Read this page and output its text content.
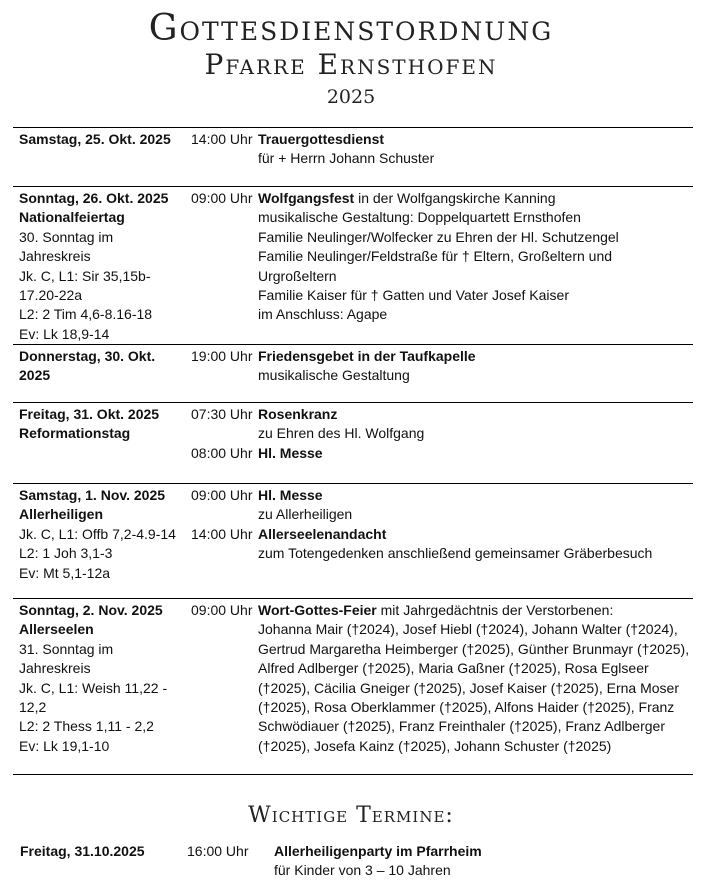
Gottesdienstordnung
Pfarre Ernsthofen
2025
Samstag, 25. Okt. 2025	14:00 Uhr Trauergottesdienst
für + Herrn Johann Schuster
Sonntag, 26. Okt. 2025
Nationalfeiertag
30. Sonntag im
Jahreskreis
Jk. C, L1: Sir 35,15b-
17.20-22a
L2: 2 Tim 4,6-8.16-18
Ev: Lk 18,9-14
09:00 Uhr Wolfgangsfest in der Wolfgangskirche Kanning
musikalische Gestaltung: Doppelquartett Ernsthofen
Familie Neulinger/Wolfecker zu Ehren der Hl. Schutzengel
Familie Neulinger/Feldstraße für † Eltern, Großeltern und Urgroßeltern
Familie Kaiser für † Gatten und Vater Josef Kaiser
im Anschluss: Agape
Donnerstag, 30. Okt.
2025
19:00 Uhr Friedensgebet in der Taufkapelle
musikalische Gestaltung
Freitag, 31. Okt. 2025
Reformationstag
07:30 Uhr Rosenkranz
zu Ehren des Hl. Wolfgang
08:00 Uhr Hl. Messe
Samstag, 1. Nov. 2025
Allerheiligen
Jk. C, L1: Offb 7,2-4.9-14
L2: 1 Joh 3,1-3
Ev: Mt 5,1-12a
09:00 Uhr Hl. Messe
zu Allerheiligen
14:00 Uhr Allerseelenandacht
zum Totengedenken anschließend gemeinsamer Gräberbesuch
Sonntag, 2. Nov. 2025
Allerseelen
31. Sonntag im
Jahreskreis
Jk. C, L1: Weish 11,22 -
12,2
L2: 2 Thess 1,11 - 2,2
Ev: Lk 19,1-10
09:00 Uhr Wort-Gottes-Feier mit Jahrgedächtnis der Verstorbenen:
Johanna Mair (†2024), Josef Hiebl (†2024), Johann Walter (†2024),
Gertrud Margaretha Heimberger (†2025), Günther Brunmayr (†2025),
Alfred Adlberger (†2025), Maria Gaßner (†2025), Rosa Eglseer
(†2025), Cäcilia Gneiger (†2025), Josef Kaiser (†2025), Erna Moser
(†2025), Rosa Oberklammer (†2025), Alfons Haider (†2025), Franz
Schwödiauer (†2025), Franz Freinthaler (†2025), Franz Adlberger
(†2025), Josefa Kainz (†2025), Johann Schuster (†2025)
Wichtige Termine:
Freitag, 31.10.2025	16:00 Uhr Allerheiligenparty im Pfarrheim
für Kinder von 3 – 10 Jahren
